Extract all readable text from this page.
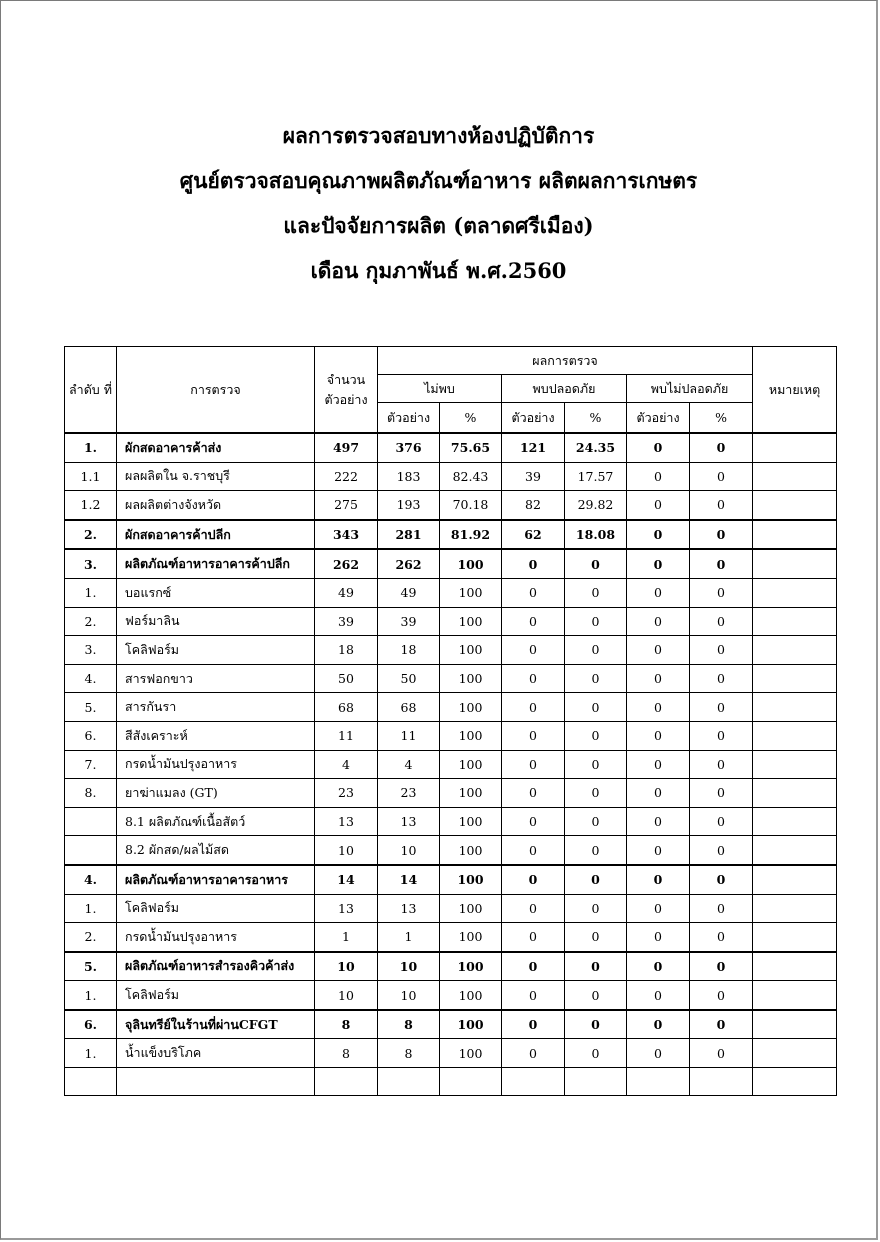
ผลการตรวจสอบทางห้องปฏิบัติการ
ศูนย์ตรวจสอบคุณภาพผลิตภัณฑ์อาหาร ผลิตผลการเกษตร
และปัจจัยการผลิต (ตลาดศรีเมือง)
เดือน กุมภาพันธ์ พ.ศ.2560
ลำดับ ที่	การตรวจ	จำนวน ตัวอย่าง	ผลการตรวจ						หมายเหตุ
			ไม่พบ		พบปลอดภัย		พบไม่ปลอดภัย		
			ตัวอย่าง	%	ตัวอย่าง	%	ตัวอย่าง	%	
1.	ผักสดอาคารค้าส่ง	497	376	75.65	121	24.35	0	0	
1.1	ผลผลิตใน จ.ราชบุรี	222	183	82.43	39	17.57	0	0	
1.2	ผลผลิตต่างจังหวัด	275	193	70.18	82	29.82	0	0	
2.	ผักสดอาคารค้าปลีก	343	281	81.92	62	18.08	0	0	
3.	ผลิตภัณฑ์อาหารอาคารค้าปลีก	262	262	100	0	0	0	0	
1.	บอแรกซ์	49	49	100	0	0	0	0	
2.	ฟอร์มาลิน	39	39	100	0	0	0	0	
3.	โคลิฟอร์ม	18	18	100	0	0	0	0	
4.	สารฟอกขาว	50	50	100	0	0	0	0	
5.	สารกันรา	68	68	100	0	0	0	0	
6.	สีสังเคราะห์	11	11	100	0	0	0	0	
7.	กรดน้ำมันปรุงอาหาร	4	4	100	0	0	0	0	
8.	ยาฆ่าแมลง (GT)	23	23	100	0	0	0	0	
	8.1 ผลิตภัณฑ์เนื้อสัตว์	13	13	100	0	0	0	0	
	8.2 ผักสด/ผลไม้สด	10	10	100	0	0	0	0	
4.	ผลิตภัณฑ์อาหารอาคารอาหาร	14	14	100	0	0	0	0	
1.	โคลิฟอร์ม	13	13	100	0	0	0	0	
2.	กรดน้ำมันปรุงอาหาร	1	1	100	0	0	0	0	
5.	ผลิตภัณฑ์อาหารสำรองคิวค้าส่ง	10	10	100	0	0	0	0	
1.	โคลิฟอร์ม	10	10	100	0	0	0	0	
6.	จุลินทรีย์ในร้านที่ผ่านCFGT	8	8	100	0	0	0	0	
1.	น้ำแข็งบริโภค	8	8	100	0	0	0	0	
